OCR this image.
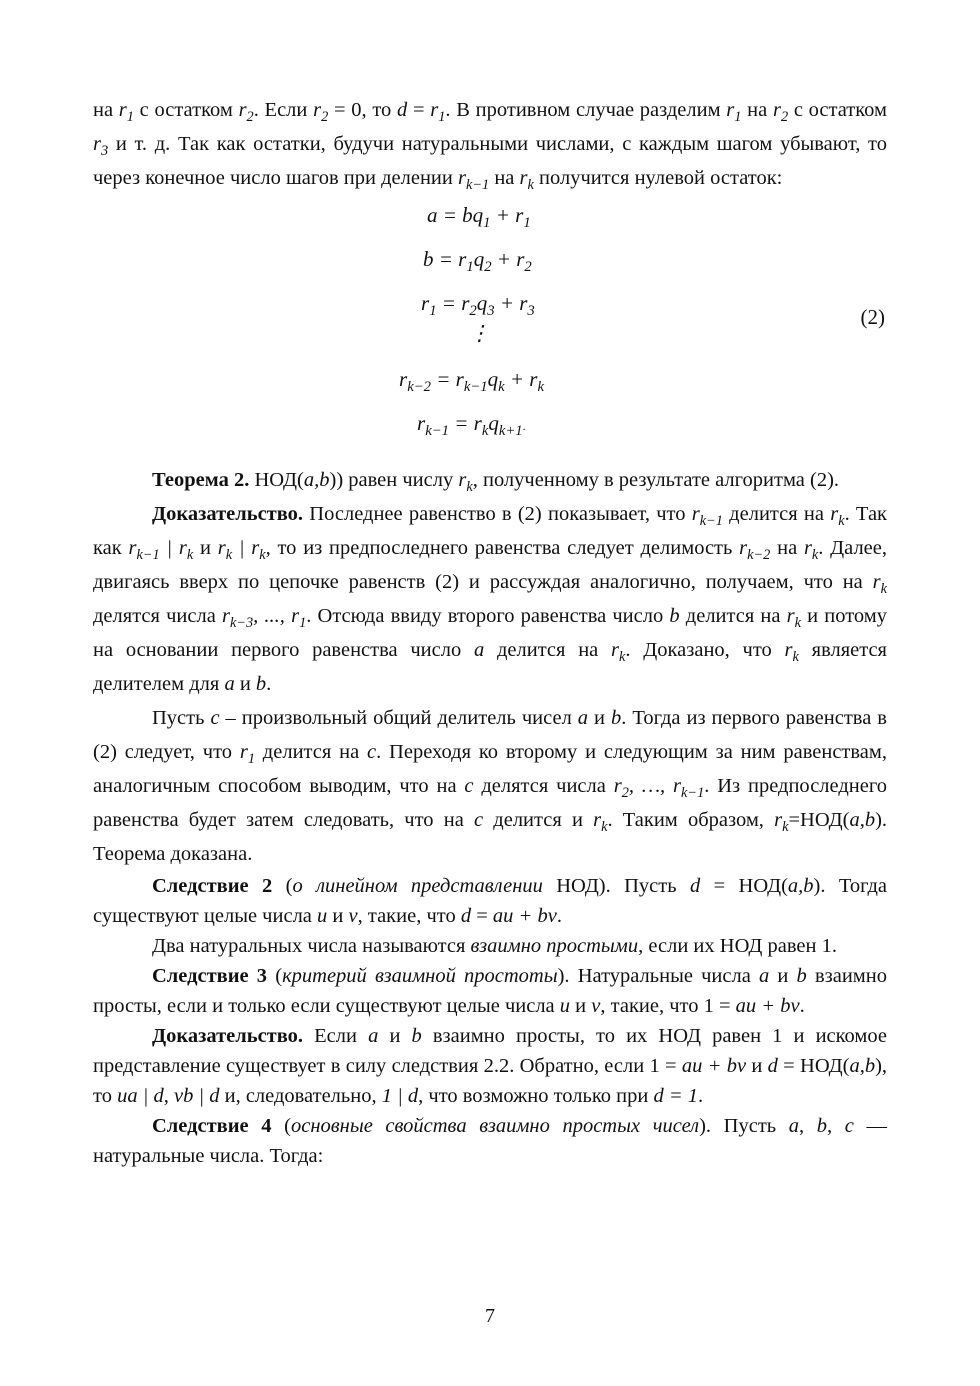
на $r_1$ с остатком $r_2$. Если $r_2 = 0$, то $d = r_1$. В противном случае разделим $r_1$ на $r_2$ с остатком $r_3$ и т. д. Так как остатки, будучи натуральными числами, с каждым шагом убывают, то через конечное число шагов при делении $r_{k-1}$ на $r_k$ получится нулевой остаток:

$a = bq_1 + r_1$
$b = r_1q_2 + r_2$
$r_1 = r_2q_3 + r_3$
⋮
$r_{k-2} = r_{k-1}q_k + r_k$
$r_{k-1} = r_kq_{k+1}$.
(2)

Теорема 2. НОД(a,b)) равен числу $r_k$, полученному в результате алгоритма (2).

Доказательство. Последнее равенство в (2) показывает, что $r_{k-1}$ делится на $r_k$. Так как $r_{k-1}$ | $r_k$ и $r_k$ | $r_k$, то из предпоследнего равенства следует делимость $r_{k-2}$ на $r_k$. Далее, двигаясь вверх по цепочке равенств (2) и рассуждая аналогично, получаем, что на $r_k$ делятся числа $r_{k-3}$, ..., $r_1$. Отсюда ввиду второго равенства число b делится на $r_k$ и потому на основании первого равенства число a делится на $r_k$. Доказано, что $r_k$ является делителем для a и b.

Пусть c – произвольный общий делитель чисел a и b. Тогда из первого равенства в (2) следует, что $r_1$ делится на c. Переходя ко второму и следующим за ним равенствам, аналогичным способом выводим, что на c делятся числа $r_2$, …, $r_{k-1}$. Из предпоследнего равенства будет затем следовать, что на c делится и $r_k$. Таким образом, $r_k=НОД(a,b)$. Теорема доказана.

Следствие 2 (о линейном представлении НОД). Пусть d = НОД(a,b). Тогда существуют целые числа u и v, такие, что d = au + bv.

Два натуральных числа называются взаимно простыми, если их НОД равен 1.

Следствие 3 (критерий взаимной простоты). Натуральные числа a и b взаимно просты, если и только если существуют целые числа u и v, такие, что 1 = au + bv.

Доказательство. Если a и b взаимно просты, то их НОД равен 1 и искомое представление существует в силу следствия 2.2. Обратно, если 1 = au + bv и d = НОД(a,b), то ua | d, vb | d и, следовательно, 1 | d, что возможно только при d = 1.

Следствие 4 (основные свойства взаимно простых чисел). Пусть a, b, c — натуральные числа. Тогда:

7
